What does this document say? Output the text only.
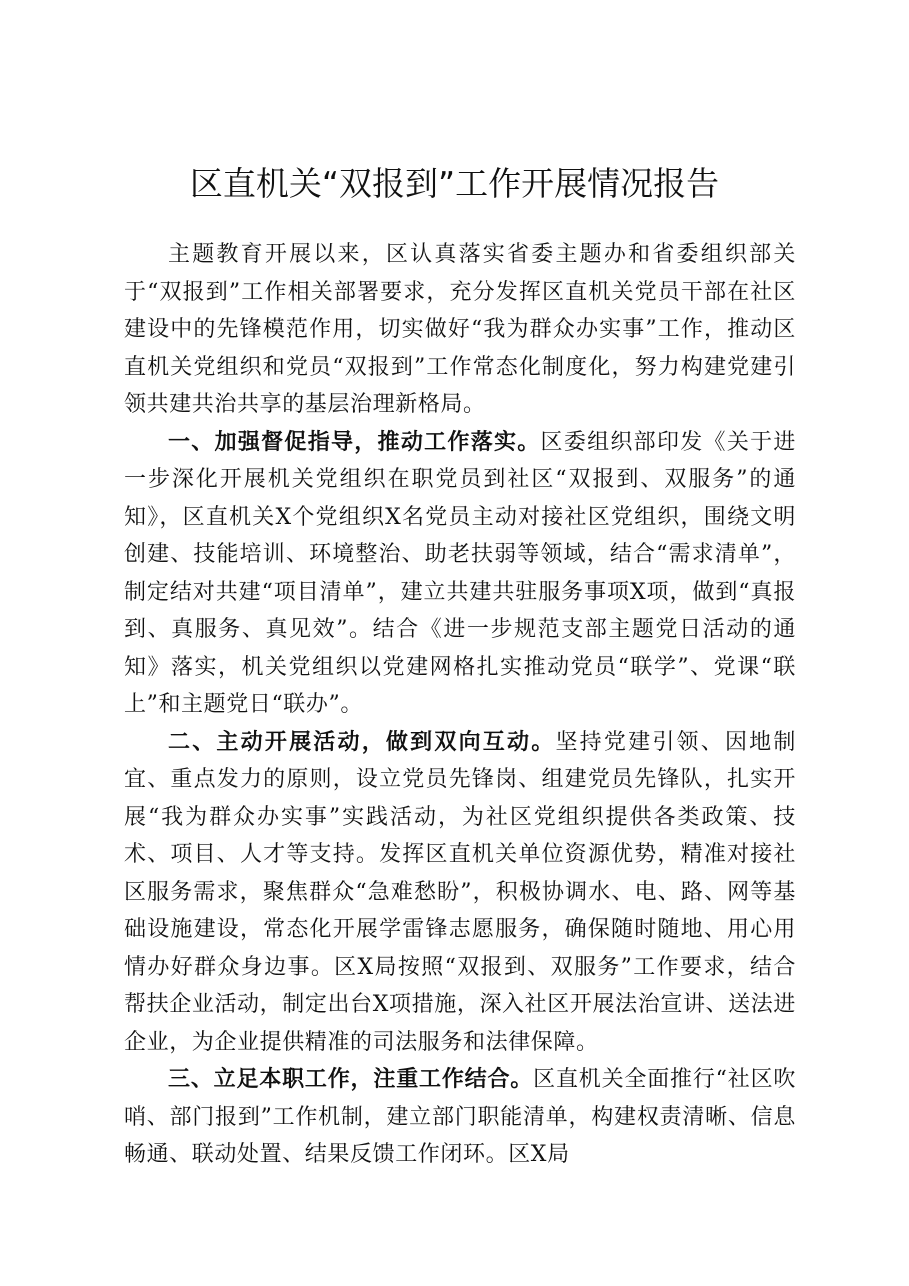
区直机关“双报到”工作开展情况报告

主题教育开展以来，区认真落实省委主题办和省委组织部关于“双报到”工作相关部署要求，充分发挥区直机关党员干部在社区建设中的先锋模范作用，切实做好“我为群众办实事”工作，推动区直机关党组织和党员“双报到”工作常态化制度化，努力构建党建引领共建共治共享的基层治理新格局。

一、加强督促指导，推动工作落实。区委组织部印发《关于进一步深化开展机关党组织在职党员到社区“双报到、双服务”的通知》，区直机关X个党组织X名党员主动对接社区党组织，围绕文明创建、技能培训、环境整治、助老扶弱等领域，结合“需求清单”，制定结对共建“项目清单”，建立共建共驻服务事项X项，做到“真报到、真服务、真见效”。结合《进一步规范支部主题党日活动的通知》落实，机关党组织以党建网格扎实推动党员“联学”、党课“联上”和主题党日“联办”。

二、主动开展活动，做到双向互动。坚持党建引领、因地制宜、重点发力的原则，设立党员先锋岗、组建党员先锋队，扎实开展“我为群众办实事”实践活动，为社区党组织提供各类政策、技术、项目、人才等支持。发挥区直机关单位资源优势，精准对接社区服务需求，聚焦群众“急难愁盼”，积极协调水、电、路、网等基础设施建设，常态化开展学雷锋志愿服务，确保随时随地、用心用情办好群众身边事。区X局按照“双报到、双服务”工作要求，结合帮扶企业活动，制定出台X项措施，深入社区开展法治宣讲、送法进企业，为企业提供精准的司法服务和法律保障。

三、立足本职工作，注重工作结合。区直机关全面推行“社区吹哨、部门报到”工作机制，建立部门职能清单，构建权责清晰、信息畅通、联动处置、结果反馈工作闭环。区X局
